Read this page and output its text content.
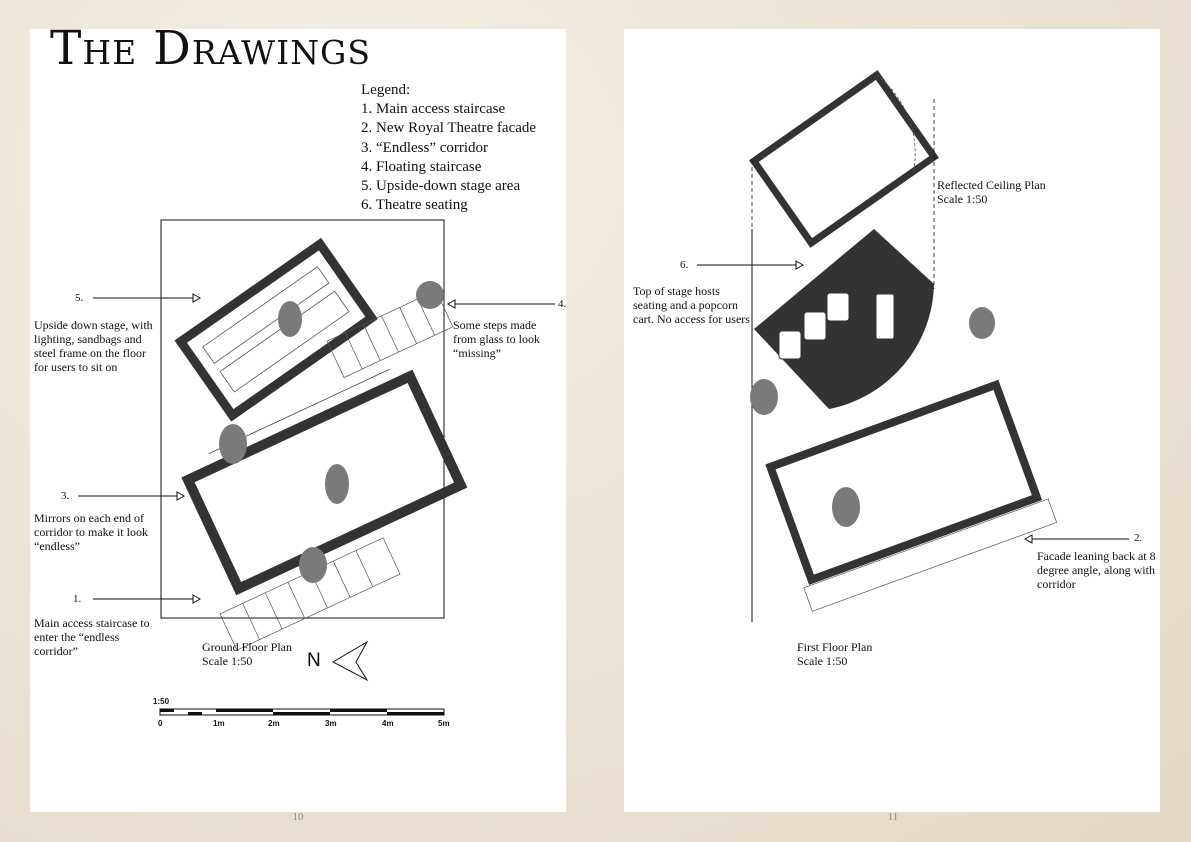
The Drawings
Legend:
1. Main access staircase
2. New Royal Theatre facade
3. “Endless” corridor
4. Floating staircase
5. Upside-down stage area
6. Theatre seating
5.
Upside down stage, with lighting, sandbags and steel frame on the floor for users to sit on
4.
Some steps made from glass to look “missing”
3.
Mirrors on each end of corridor to make it look “endless”
1.
Main access staircase to enter the “endless corridor”	Ground Floor Plan
Scale 1:50	N
1:50
0	1m	2m	3m	4m	5m
10
Reflected Ceiling Plan
Scale 1:50
6.
Top of stage hosts seating and a popcorn cart. No access for users
2.
Facade leaning back at 8 degree angle, along with corridor
First Floor Plan
Scale 1:50
11
